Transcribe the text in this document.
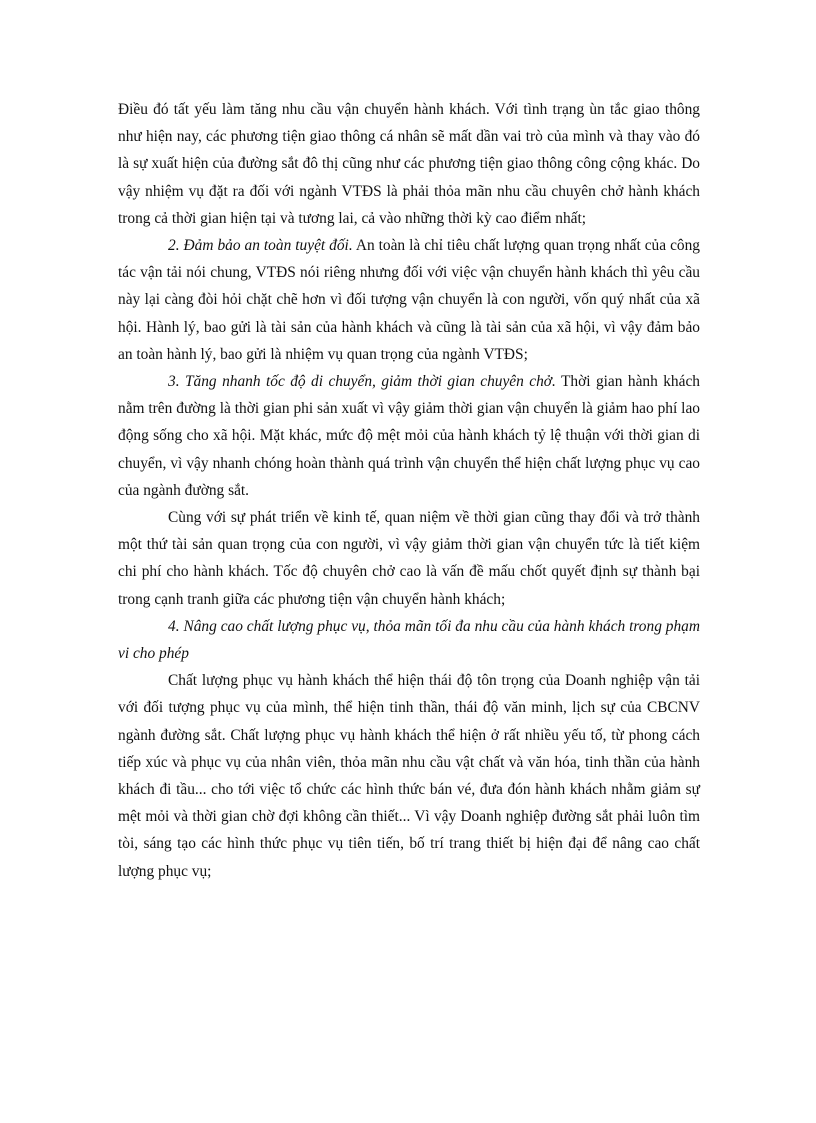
Điều đó tất yếu làm tăng nhu cầu vận chuyển hành khách. Với tình trạng ùn tắc giao thông như hiện nay, các phương tiện giao thông cá nhân sẽ mất dần vai trò của mình và thay vào đó là sự xuất hiện của đường sắt đô thị cũng như các phương tiện giao thông công cộng khác. Do vậy nhiệm vụ đặt ra đối với ngành VTĐS là phải thỏa mãn nhu cầu chuyên chở hành khách trong cả thời gian hiện tại và tương lai, cả vào những thời kỳ cao điểm nhất;

2. Đảm bảo an toàn tuyệt đối. An toàn là chỉ tiêu chất lượng quan trọng nhất của công tác vận tải nói chung, VTĐS nói riêng nhưng đối với việc vận chuyển hành khách thì yêu cầu này lại càng đòi hỏi chặt chẽ hơn vì đối tượng vận chuyển là con người, vốn quý nhất của xã hội. Hành lý, bao gửi là tài sản của hành khách và cũng là tài sản của xã hội, vì vậy đảm bảo an toàn hành lý, bao gửi là nhiệm vụ quan trọng của ngành VTĐS;

3. Tăng nhanh tốc độ di chuyển, giảm thời gian chuyên chở. Thời gian hành khách nằm trên đường là thời gian phi sản xuất vì vậy giảm thời gian vận chuyển là giảm hao phí lao động sống cho xã hội. Mặt khác, mức độ mệt mỏi của hành khách tỷ lệ thuận với thời gian di chuyển, vì vậy nhanh chóng hoàn thành quá trình vận chuyển thể hiện chất lượng phục vụ cao của ngành đường sắt.

Cùng với sự phát triển về kinh tế, quan niệm về thời gian cũng thay đổi và trở thành một thứ tài sản quan trọng của con người, vì vậy giảm thời gian vận chuyển tức là tiết kiệm chi phí cho hành khách. Tốc độ chuyên chở cao là vấn đề mấu chốt quyết định sự thành bại trong cạnh tranh giữa các phương tiện vận chuyển hành khách;

4. Nâng cao chất lượng phục vụ, thỏa mãn tối đa nhu cầu của hành khách trong phạm vi cho phép

Chất lượng phục vụ hành khách thể hiện thái độ tôn trọng của Doanh nghiệp vận tải với đối tượng phục vụ của mình, thể hiện tinh thần, thái độ văn minh, lịch sự của CBCNV ngành đường sắt. Chất lượng phục vụ hành khách thể hiện ở rất nhiều yếu tố, từ phong cách tiếp xúc và phục vụ của nhân viên, thỏa mãn nhu cầu vật chất và văn hóa, tinh thần của hành khách đi tầu... cho tới việc tổ chức các hình thức bán vé, đưa đón hành khách nhằm giảm sự mệt mỏi và thời gian chờ đợi không cần thiết... Vì vậy Doanh nghiệp đường sắt phải luôn tìm tòi, sáng tạo các hình thức phục vụ tiên tiến, bố trí trang thiết bị hiện đại để nâng cao chất lượng phục vụ;
